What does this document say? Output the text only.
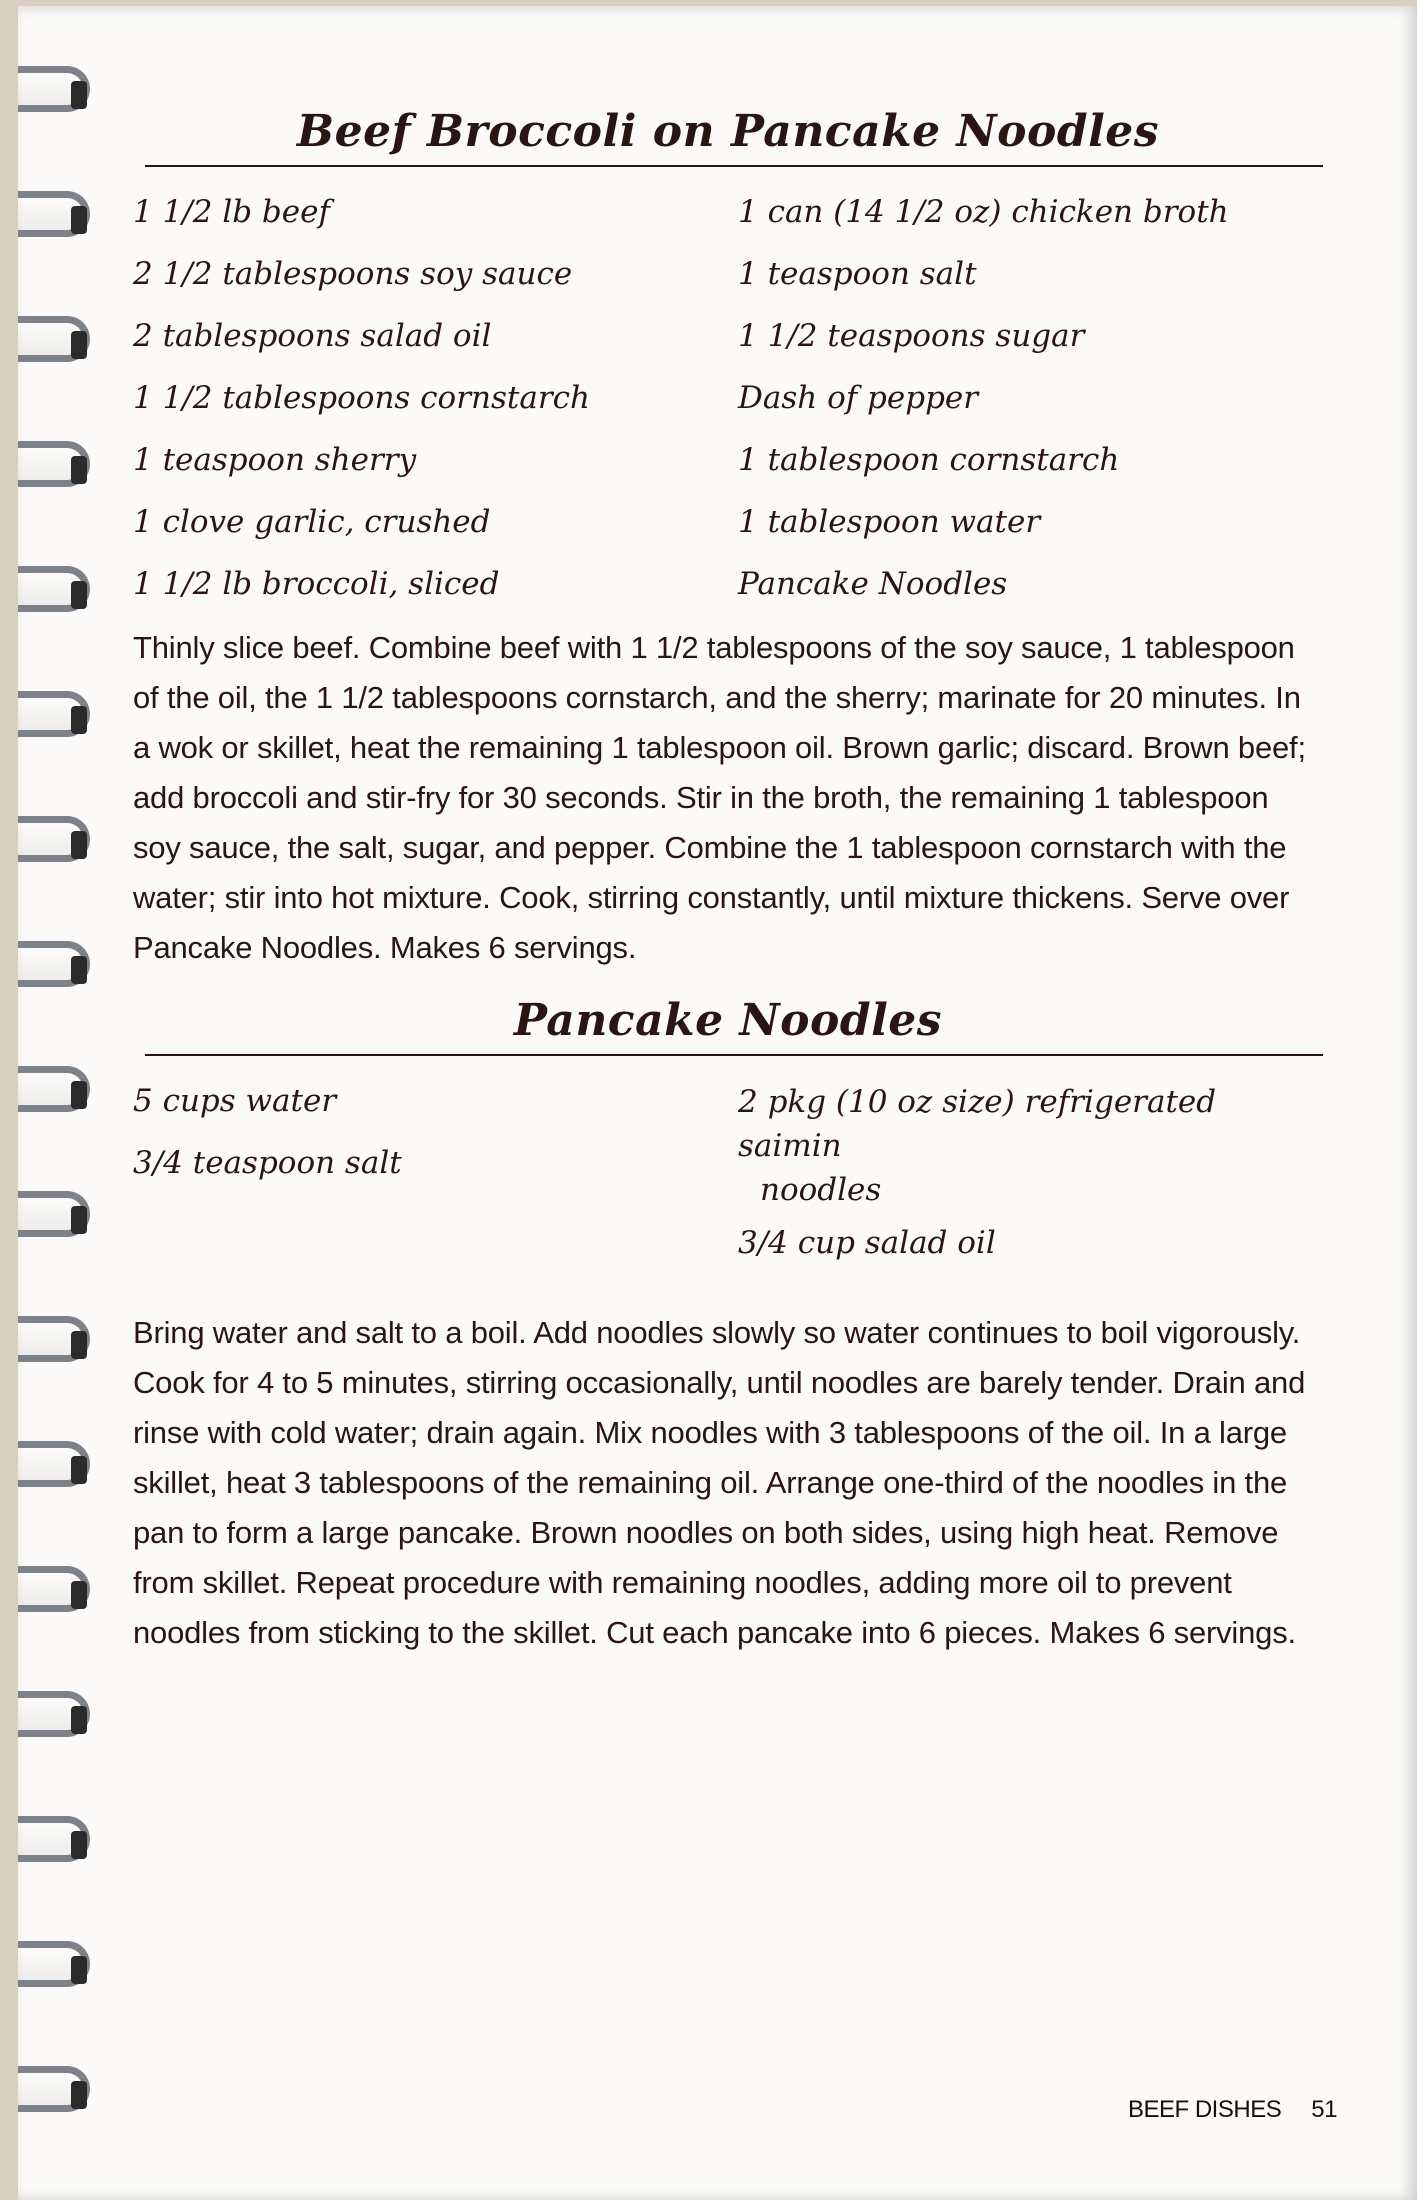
Beef Broccoli on Pancake Noodles
1 1/2 lb beef
2 1/2 tablespoons soy sauce
2 tablespoons salad oil
1 1/2 tablespoons cornstarch
1 teaspoon sherry
1 clove garlic, crushed
1 1/2 lb broccoli, sliced
1 can (14 1/2 oz) chicken broth
1 teaspoon salt
1 1/2 teaspoons sugar
Dash of pepper
1 tablespoon cornstarch
1 tablespoon water
Pancake Noodles

Thinly slice beef. Combine beef with 1 1/2 tablespoons of the soy sauce, 1 tablespoon of the oil, the 1 1/2 tablespoons cornstarch, and the sherry; marinate for 20 minutes. In a wok or skillet, heat the remaining 1 tablespoon oil. Brown garlic; discard. Brown beef; add broccoli and stir-fry for 30 seconds. Stir in the broth, the remaining 1 tablespoon soy sauce, the salt, sugar, and pepper. Combine the 1 tablespoon cornstarch with the water; stir into hot mixture. Cook, stirring constantly, until mixture thickens. Serve over Pancake Noodles. Makes 6 servings.

Pancake Noodles
5 cups water
3/4 teaspoon salt
2 pkg (10 oz size) refrigerated saimin
noodles
3/4 cup salad oil

Bring water and salt to a boil. Add noodles slowly so water continues to boil vigorously. Cook for 4 to 5 minutes, stirring occasionally, until noodles are barely tender. Drain and rinse with cold water; drain again. Mix noodles with 3 tablespoons of the oil. In a large skillet, heat 3 tablespoons of the remaining oil. Arrange one-third of the noodles in the pan to form a large pancake. Brown noodles on both sides, using high heat. Remove from skillet. Repeat procedure with remaining noodles, adding more oil to prevent noodles from sticking to the skillet. Cut each pancake into 6 pieces. Makes 6 servings.

BEEF DISHES 51
